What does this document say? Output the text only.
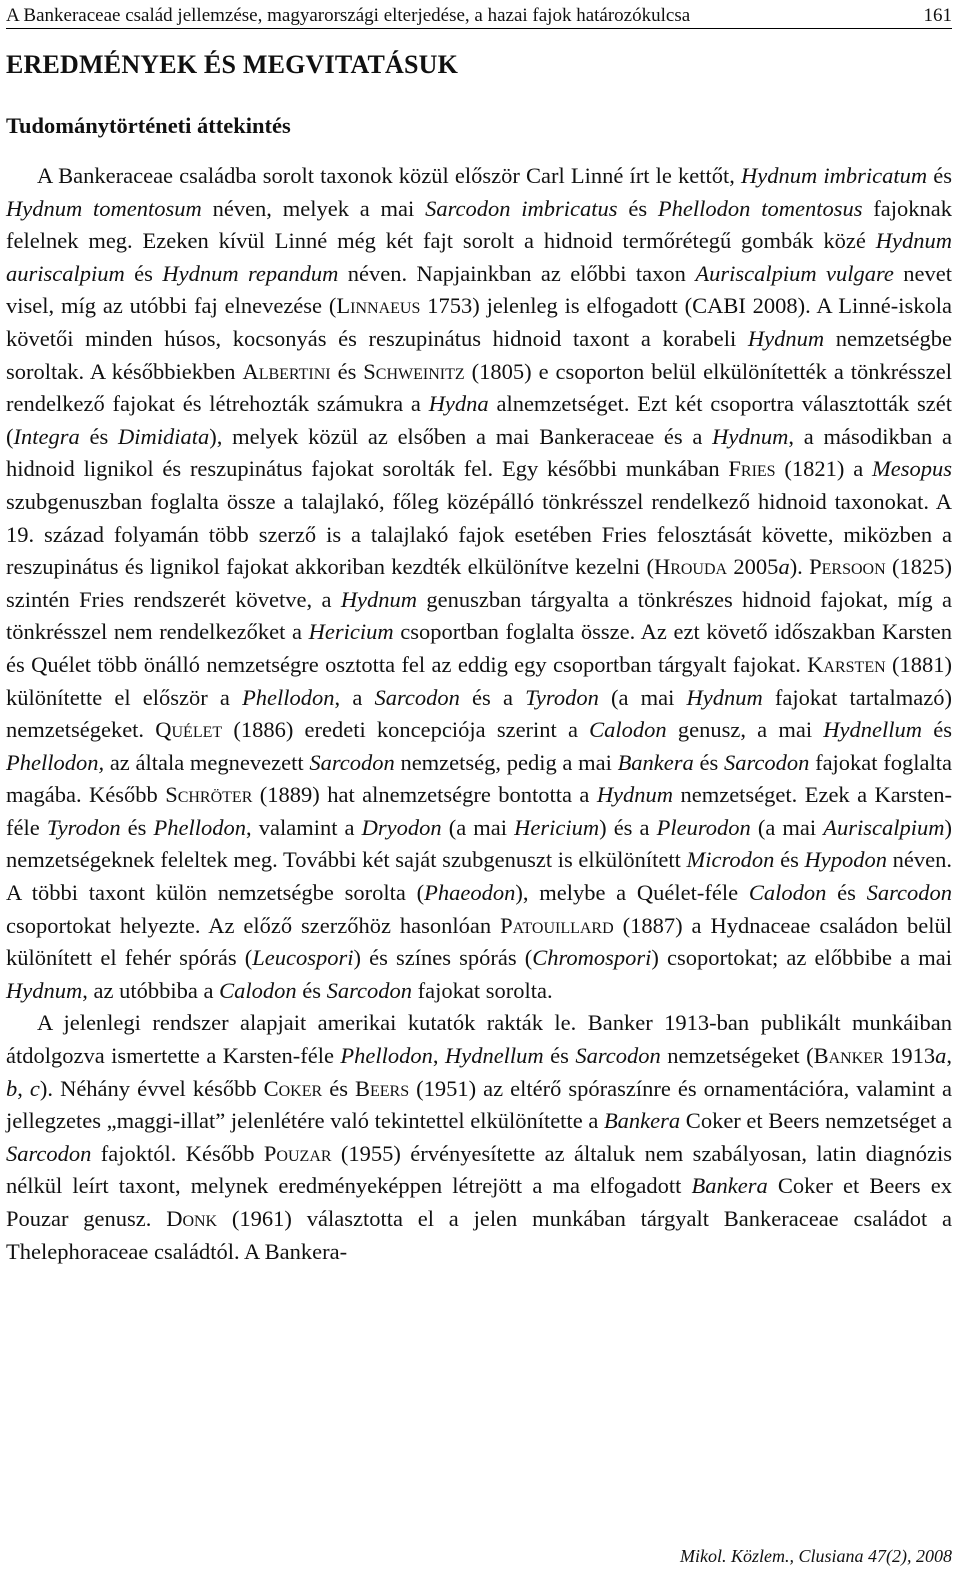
A Bankeraceae család jellemzése, magyarországi elterjedése, a hazai fajok határozókulcsa	161
EREDMÉNYEK ÉS MEGVITATÁSUK
Tudománytörténeti áttekintés

A Bankeraceae családba sorolt taxonok közül először Carl Linné írt le kettőt, Hydnum imbricatum és Hydnum tomentosum néven, melyek a mai Sarcodon imbricatus és Phellodon tomentosus fajoknak felelnek meg. Ezeken kívül Linné még két fajt sorolt a hidnoid termőrétegű gombák közé Hydnum auriscalpium és Hydnum repandum néven. Napjainkban az előbbi taxon Auriscalpium vulgare nevet visel, míg az utóbbi faj elnevezése (Linnaeus 1753) jelenleg is elfogadott (CABI 2008). A Linné-iskola követői minden húsos, kocsonyás és reszupinátus hidnoid taxont a korabeli Hydnum nemzetségbe soroltak. A későbbiekben Albertini és Schweinitz (1805) e csoporton belül elkülönítették a tönkrésszel rendelkező fajokat és létrehozták számukra a Hydna alnemzetséget. Ezt két csoportra választották szét (Integra és Dimidiata), melyek közül az elsőben a mai Bankeraceae és a Hydnum, a másodikban a hidnoid lignikol és reszupinátus fajokat sorolták fel. Egy későbbi munkában Fries (1821) a Mesopus szubgenuszban foglalta össze a talajlakó, főleg középálló tönkrésszel rendelkező hidnoid taxonokat. A 19. század folyamán több szerző is a talajlakó fajok esetében Fries felosztását követte, miközben a reszupinátus és lignikol fajokat akkoriban kezdték elkülönítve kezelni (Hrouda 2005a). Persoon (1825) szintén Fries rendszerét követve, a Hydnum genuszban tárgyalta a tönkrészes hidnoid fajokat, míg a tönkrésszel nem rendelkezőket a Hericium csoportban foglalta össze. Az ezt követő időszakban Karsten és Quélet több önálló nemzetségre osztotta fel az eddig egy csoportban tárgyalt fajokat. Karsten (1881) különítette el először a Phellodon, a Sarcodon és a Tyrodon (a mai Hydnum fajokat tartalmazó) nemzetségeket. Quélet (1886) eredeti koncepciója szerint a Calodon genusz, a mai Hydnellum és Phellodon, az általa megnevezett Sarcodon nemzetség, pedig a mai Bankera és Sarcodon fajokat foglalta magába. Később Schröter (1889) hat alnemzetségre bontotta a Hydnum nemzetséget. Ezek a Karsten-féle Tyrodon és Phellodon, valamint a Dryodon (a mai Hericium) és a Pleurodon (a mai Auriscalpium) nemzetségeknek feleltek meg. További két saját szubgenuszt is elkülönített Microdon és Hypodon néven. A többi taxont külön nemzetségbe sorolta (Phaeodon), melybe a Quélet-féle Calodon és Sarcodon csoportokat helyezte. Az előző szerzőhöz hasonlóan Patouillard (1887) a Hydnaceae családon belül különített el fehér spórás (Leucospori) és színes spórás (Chromospori) csoportokat; az előbbibe a mai Hydnum, az utóbbiba a Calodon és Sarcodon fajokat sorolta.

A jelenlegi rendszer alapjait amerikai kutatók rakták le. Banker 1913-ban publikált munkáiban átdolgozva ismertette a Karsten-féle Phellodon, Hydnellum és Sarcodon nemzetségeket (Banker 1913a, b, c). Néhány évvel később Coker és Beers (1951) az eltérő spóraszínre és ornamentációra, valamint a jellegzetes „maggi-illat” jelenlétére való tekintettel elkülönítette a Bankera Coker et Beers nemzetséget a Sarcodon fajoktól. Később Pouzar (1955) érvényesítette az általuk nem szabályosan, latin diagnózis nélkül leírt taxont, melynek eredményeképpen létrejött a ma elfogadott Bankera Coker et Beers ex Pouzar genusz. Donk (1961) választotta el a jelen munkában tárgyalt Bankeraceae családot a Thelephoraceae családtól. A Bankera-

Mikol. Közlem., Clusiana 47(2), 2008
